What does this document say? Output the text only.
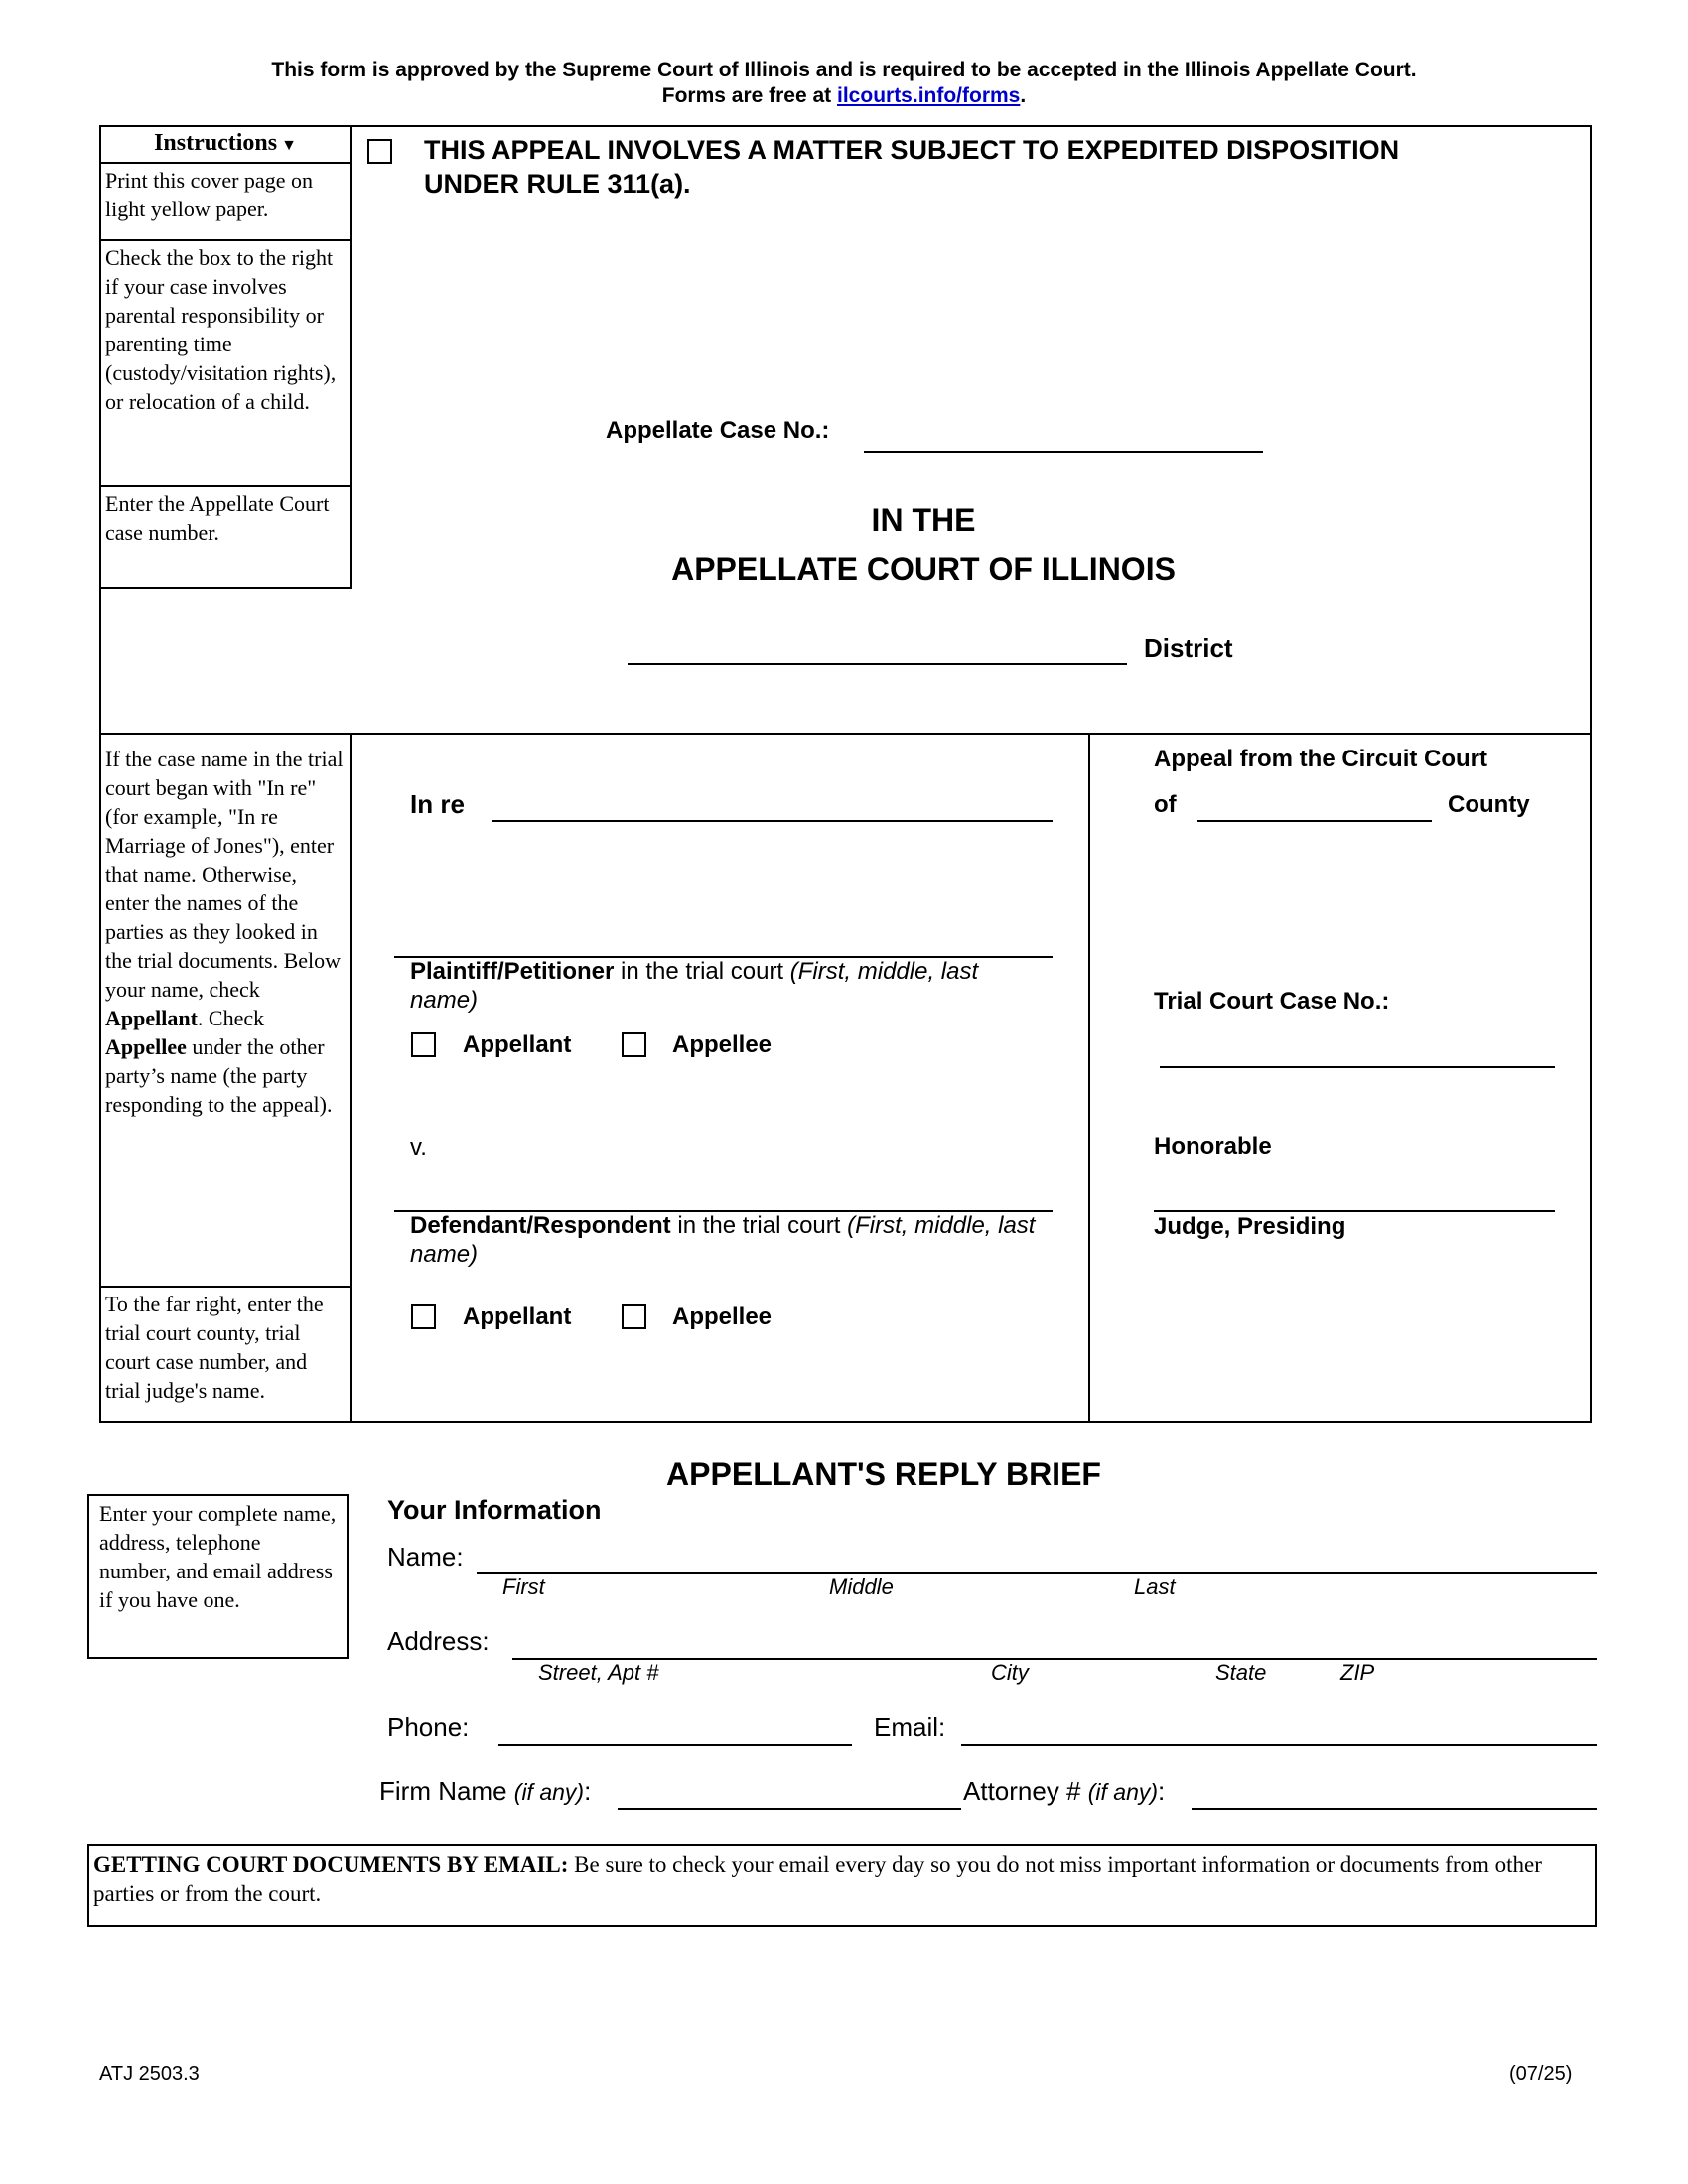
This form is approved by the Supreme Court of Illinois and is required to be accepted in the Illinois Appellate Court.
Forms are free at ilcourts.info/forms.
Instructions ▼
Print this cover page on light yellow paper.
Check the box to the right if your case involves parental responsibility or parenting time (custody/visitation rights), or relocation of a child.
Enter the Appellate Court case number.
THIS APPEAL INVOLVES A MATTER SUBJECT TO EXPEDITED DISPOSITION
UNDER RULE 311(a).
Appellate Case No.:
IN THE
APPELLATE COURT OF ILLINOIS
District
If the case name in the trial court began with "In re" (for example, "In re Marriage of Jones"), enter that name. Otherwise, enter the names of the parties as they looked in the trial documents. Below your name, check Appellant. Check Appellee under the other party’s name (the party responding to the appeal).
To the far right, enter the trial court county, trial court case number, and trial judge's name.
In re
Plaintiff/Petitioner in the trial court (First, middle, last
name)
Appellant	Appellee
v.
Defendant/Respondent in the trial court (First, middle, last
name)
Appellant	Appellee
Appeal from the Circuit Court
of	County
Trial Court Case No.:
Honorable
Judge, Presiding
APPELLANT'S REPLY BRIEF
Enter your complete name, address, telephone number, and email address if you have one.
Your Information
Name:
First	Middle	Last
Address:
Street, Apt #	City	State	ZIP
Phone:	Email:
Firm Name (if any):	Attorney # (if any):
GETTING COURT DOCUMENTS BY EMAIL: Be sure to check your email every day so you do not miss important information or documents from other parties or from the court.
ATJ 2503.3	(07/25)
